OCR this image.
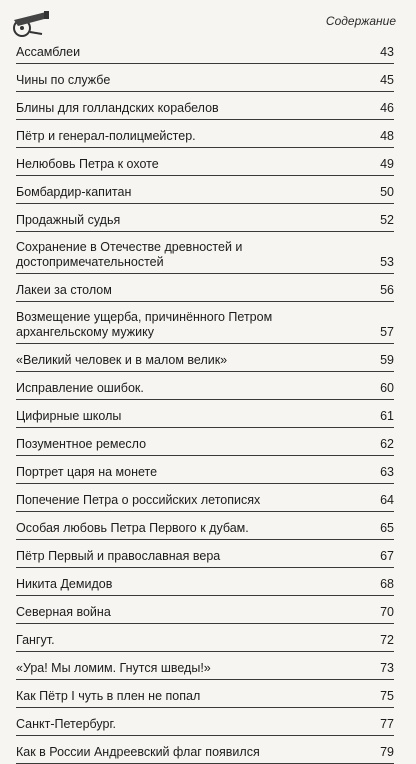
Содержание
Ассамблеи	43
Чины по службе	45
Блины для голландских корабелов	46
Пётр и генерал-полицмейстер.	48
Нелюбовь Петра к охоте	49
Бомбардир-капитан	50
Продажный судья	52
Сохранение в Отечестве древностей и достопримечательностей	53
Лакеи за столом	56
Возмещение ущерба, причинённого Петром архангельскому мужику	57
«Великий человек и в малом велик»	59
Исправление ошибок.	60
Цифирные школы	61
Позументное ремесло	62
Портрет царя на монете	63
Попечение Петра о российских летописях	64
Особая любовь Петра Первого к дубам.	65
Пётр Первый и православная вера	67
Никита Демидов	68
Северная война	70
Гангут.	72
«Ура! Мы ломим. Гнутся шведы!»	73
Как Пётр I чуть в плен не попал	75
Санкт-Петербург.	77
Как в России Андреевский флаг появился	79
